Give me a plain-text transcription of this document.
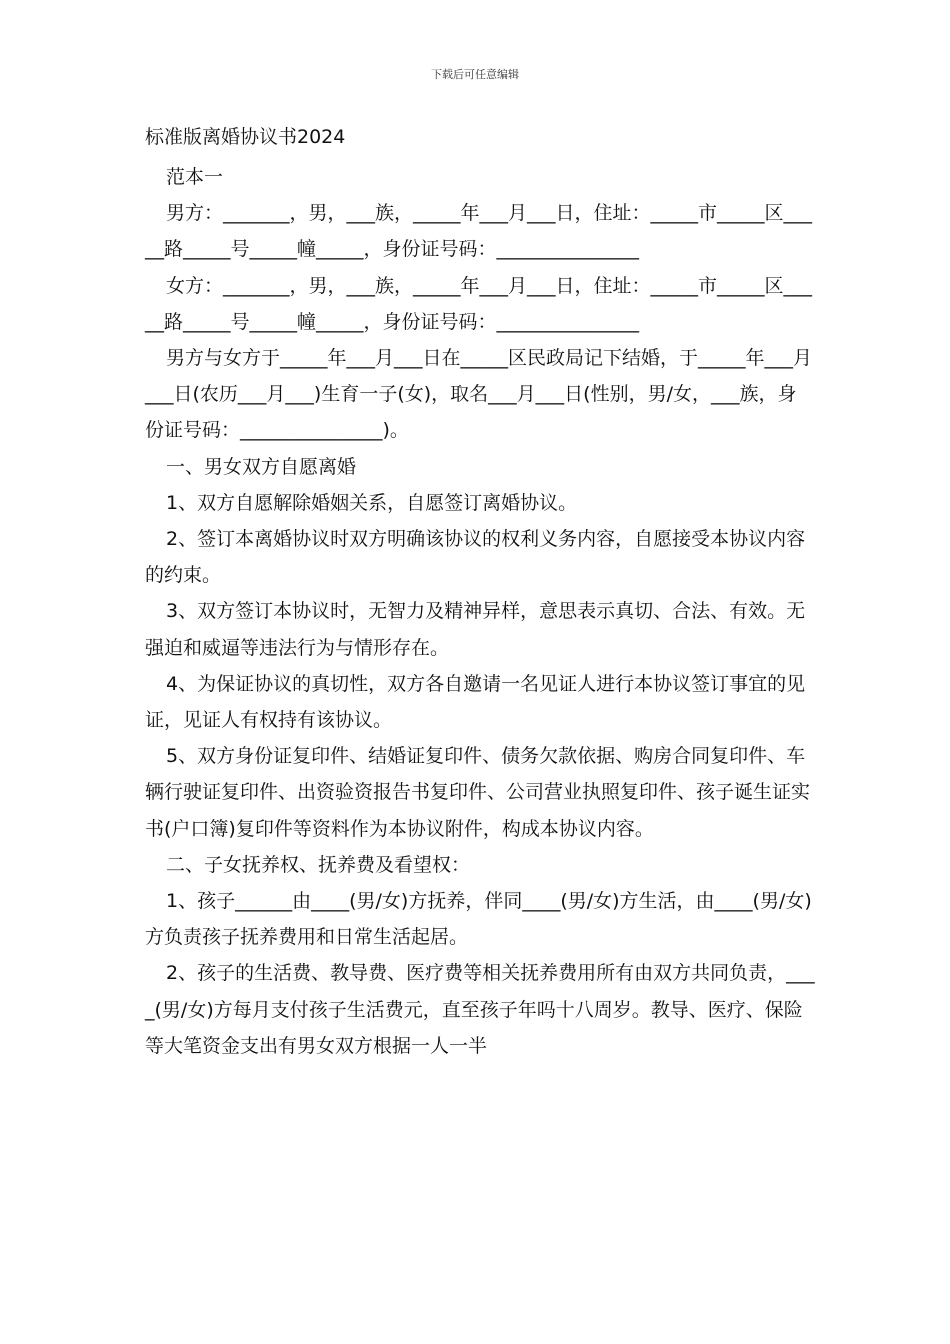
下载后可任意编辑
标准版离婚协议书2024

范本一

男方：_______，男，___族，_____年___月___日，住址：_____市_____区_____路_____号_____幢_____，身份证号码：_______________

女方：_______，男，___族，_____年___月___日，住址：_____市_____区_____路_____号_____幢_____，身份证号码：_______________

男方与女方于_____年___月___日在_____区民政局记下结婚，于_____年___月___日(农历___月___)生育一子(女)，取名___月___日(性别，男/女，___族，身份证号码：_______________)。

一、男女双方自愿离婚

1、双方自愿解除婚姻关系，自愿签订离婚协议。

2、签订本离婚协议时双方明确该协议的权利义务内容，自愿接受本协议内容的约束。

3、双方签订本协议时，无智力及精神异样，意思表示真切、合法、有效。无强迫和威逼等违法行为与情形存在。

4、为保证协议的真切性，双方各自邀请一名见证人进行本协议签订事宜的见证，见证人有权持有该协议。

5、双方身份证复印件、结婚证复印件、债务欠款依据、购房合同复印件、车辆行驶证复印件、出资验资报告书复印件、公司营业执照复印件、孩子诞生证实书(户口簿)复印件等资料作为本协议附件，构成本协议内容。

二、子女抚养权、抚养费及看望权：

1、孩子______由____(男/女)方抚养，伴同____(男/女)方生活，由____(男/女)方负责孩子抚养费用和日常生活起居。

2、孩子的生活费、教导费、医疗费等相关抚养费用所有由双方共同负责，____(男/女)方每月支付孩子生活费元，直至孩子年吗十八周岁。教导、医疗、保险等大笔资金支出有男女双方根据一人一半
